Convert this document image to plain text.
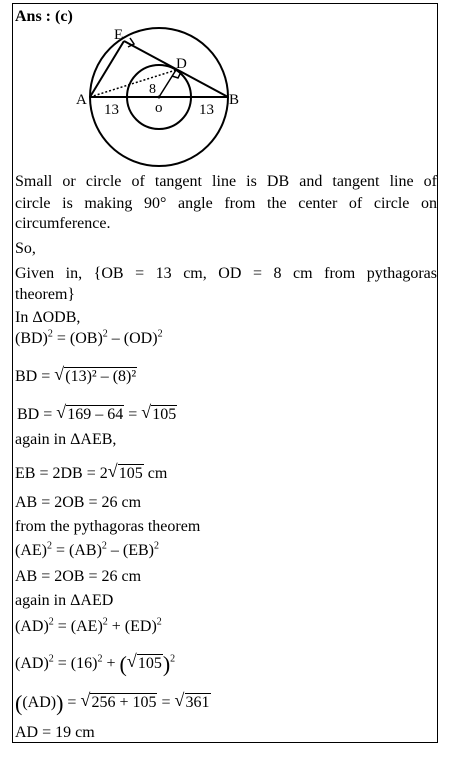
Ans : (c)
E
D
A	B
o
8
13	13
Small or circle of tangent line is DB and tangent line of
circle is making 90° angle from the center of circle on
circumference.
So,
Given in, {OB = 13 cm, OD = 8 cm from pythagoras
theorem}
In ΔODB,
(BD)$^2$ = (OB)$^2$ – (OD)$^2$
BD = √ (13)² – (8)²
BD = √ 169 – 64 = √ 105
again in ΔAEB,
EB = 2DB = 2 √ 105 cm
AB = 2OB = 26 cm
from the pythagoras theorem
(AE)$^2$ = (AB)$^2$ – (EB)$^2$
AB = 2OB = 26 cm
again in ΔAED
(AD)$^2$ = (AE)$^2$ + (ED)$^2$
$(AD)^2 = (16)^2$ + ( √ 105)$^2$
((AD)) = √ 256 + 105 = √ 361
AD = 19 cm
